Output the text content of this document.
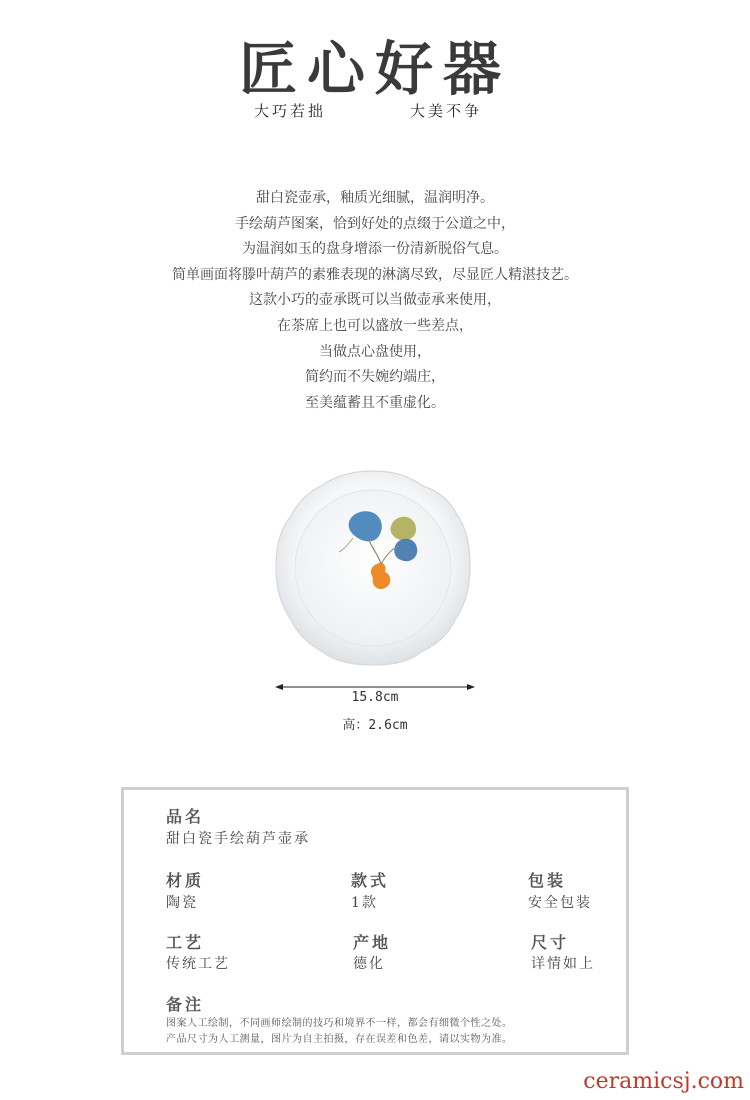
匠心好器
大巧若拙	大美不争
甜白瓷壶承，釉质光细腻，温润明净。
手绘葫芦图案，恰到好处的点缀于公道之中，
为温润如玉的盘身增添一份清新脱俗气息。
简单画面将滕叶葫芦的素雅表现的淋漓尽致，尽显匠人精湛技艺。
这款小巧的壶承既可以当做壶承来使用，
在茶席上也可以盛放一些差点，
当做点心盘使用，
简约而不失婉约端庄，
至美蕴蓄且不重虚化。
15.8cm
高：2.6cm
品名
甜白瓷手绘葫芦壶承
材质
陶瓷
款式
1款
包装
安全包装
工艺
传统工艺
产地
德化
尺寸
详情如上
备注
图案人工绘制，不同画师绘制的技巧和境界不一样，都会有细微个性之处。
产品尺寸为人工测量，图片为自主拍摄，存在误差和色差，请以实物为准。
ceramicsj.com
